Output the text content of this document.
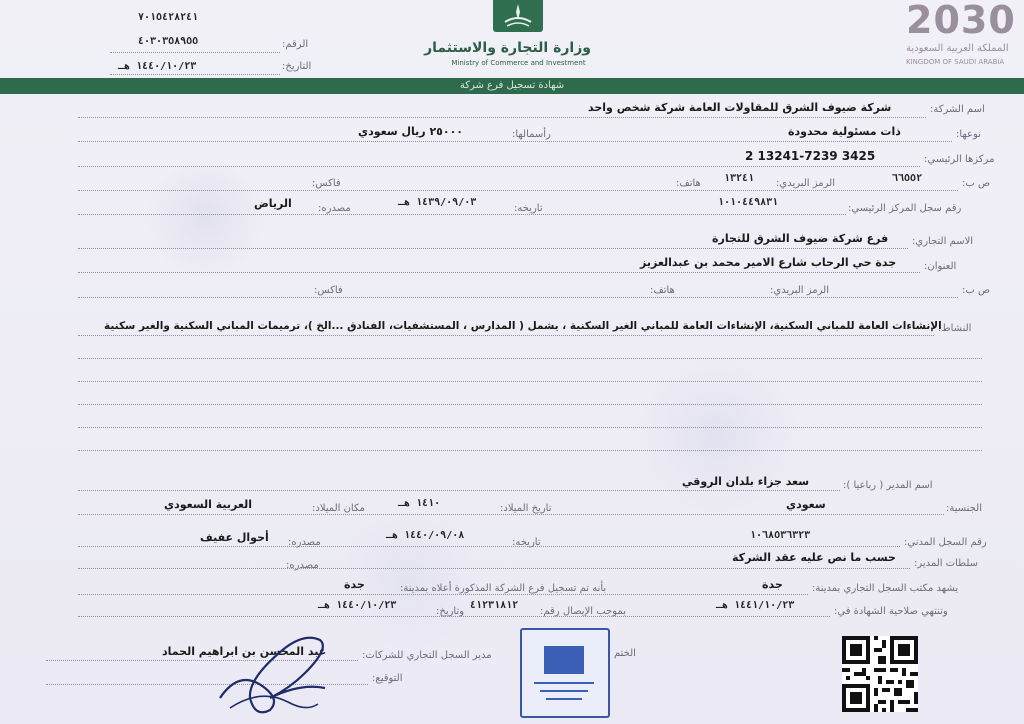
٧٠١٥٤٢٨٢٤١
٤٠٣٠٣٥٨٩٥٥
١٤٤٠/١٠/٢٣ هـ
الرقم:
التاريخ:
وزارة التجارة والاستثمار
Ministry of Commerce and Investment
2030
المملكة العربية السعودية
KINGDOM OF SAUDI ARABIA
شهادة تسجيل فرع شركة
اسم الشركة:
شركة ضيوف الشرق للمقاولات العامة شركة شخص واحد
نوعها:
ذات مسئولية محدودة
رأسمالها:
٢٥٠٠٠ ريال سعودي
مركزها الرئيسي:
2 13241-7239 3425
ص ب:
٦٦٥٥٢
الرمز البريدي:
١٣٢٤١
هاتف:
فاكس:
رقم سجل المركز الرئيسي:
١٠١٠٤٤٩٨٣١
تاريخه:
١٤٣٩/٠٩/٠٣ هـ
مصدره:
الرياض
الاسم التجاري:
فرع شركة ضيوف الشرق للتجارة
العنوان:
جدة حي الرحاب شارع الامير محمد بن عبدالعزيز
ص ب:
الرمز البريدي:
هاتف:
فاكس:
النشاط:
الإنشاءات العامة للمباني السكنية، الإنشاءات العامة للمباني الغير السكنية ، يشمل ( المدارس ، المستشفيات، الفنادق ...الخ )، ترميمات المباني السكنية والغير سكنية
اسم المدير ( رباعيا ):
سعد جزاء بلدان الروقي
الجنسية:
سعودي
تاريخ الميلاد:
١٤١٠ هـ
مكان الميلاد:
العربية السعودي
رقم السجل المدني:
١٠٦٨٥٣٦٣٢٣
تاريخه:
١٤٤٠/٠٩/٠٨ هـ
مصدره:
أحوال عفيف
سلطات المدير:
حسب ما نص عليه عقد الشركة
مصدره:
يشهد مكتب السجل التجاري بمدينة:
جدة
بأنه تم تسجيل فرع الشركة المذكورة أعلاه بمدينة:
جدة
وتنتهي صلاحية الشهادة في:
١٤٤١/١٠/٢٣ هـ
بموجب الإيصال رقم:
٤١٢٣١٨١٢
وتاريخ:
١٤٤٠/١٠/٢٣ هـ
الختم
مدير السجل التجاري للشركات:
عبد المحسن بن ابراهيم الحماد
التوقيع:
